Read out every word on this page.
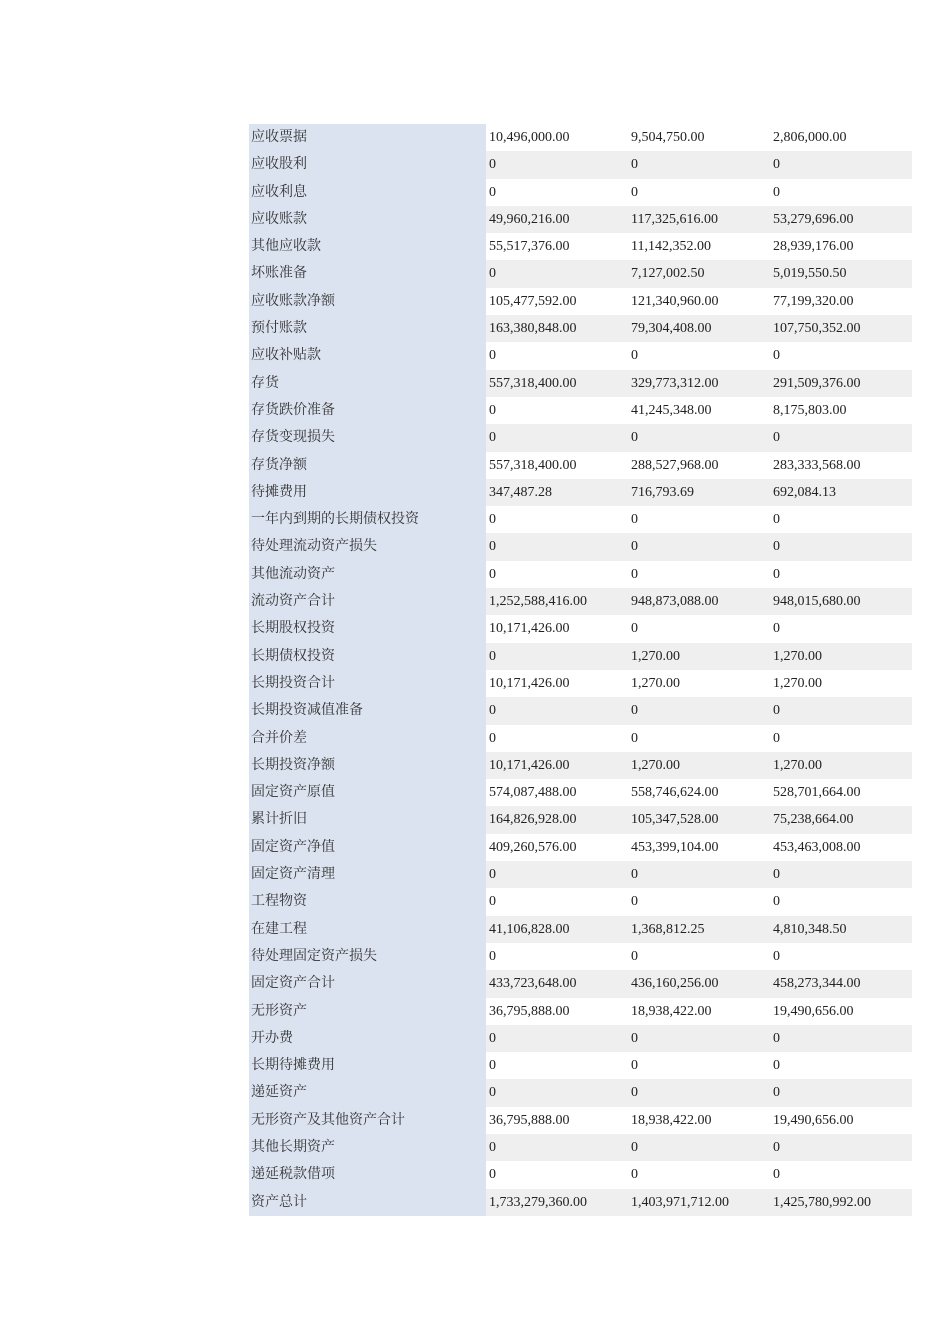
应收票据	10,496,000.00	9,504,750.00	2,806,000.00
应收股利	0	0	0
应收利息	0	0	0
应收账款	49,960,216.00	117,325,616.00	53,279,696.00
其他应收款	55,517,376.00	11,142,352.00	28,939,176.00
坏账准备	0	7,127,002.50	5,019,550.50
应收账款净额	105,477,592.00	121,340,960.00	77,199,320.00
预付账款	163,380,848.00	79,304,408.00	107,750,352.00
应收补贴款	0	0	0
存货	557,318,400.00	329,773,312.00	291,509,376.00
存货跌价准备	0	41,245,348.00	8,175,803.00
存货变现损失	0	0	0
存货净额	557,318,400.00	288,527,968.00	283,333,568.00
待摊费用	347,487.28	716,793.69	692,084.13
一年内到期的长期债权投资	0	0	0
待处理流动资产损失	0	0	0
其他流动资产	0	0	0
流动资产合计	1,252,588,416.00	948,873,088.00	948,015,680.00
长期股权投资	10,171,426.00	0	0
长期债权投资	0	1,270.00	1,270.00
长期投资合计	10,171,426.00	1,270.00	1,270.00
长期投资减值准备	0	0	0
合并价差	0	0	0
长期投资净额	10,171,426.00	1,270.00	1,270.00
固定资产原值	574,087,488.00	558,746,624.00	528,701,664.00
累计折旧	164,826,928.00	105,347,528.00	75,238,664.00
固定资产净值	409,260,576.00	453,399,104.00	453,463,008.00
固定资产清理	0	0	0
工程物资	0	0	0
在建工程	41,106,828.00	1,368,812.25	4,810,348.50
待处理固定资产损失	0	0	0
固定资产合计	433,723,648.00	436,160,256.00	458,273,344.00
无形资产	36,795,888.00	18,938,422.00	19,490,656.00
开办费	0	0	0
长期待摊费用	0	0	0
递延资产	0	0	0
无形资产及其他资产合计	36,795,888.00	18,938,422.00	19,490,656.00
其他长期资产	0	0	0
递延税款借项	0	0	0
资产总计	1,733,279,360.00	1,403,971,712.00	1,425,780,992.00
